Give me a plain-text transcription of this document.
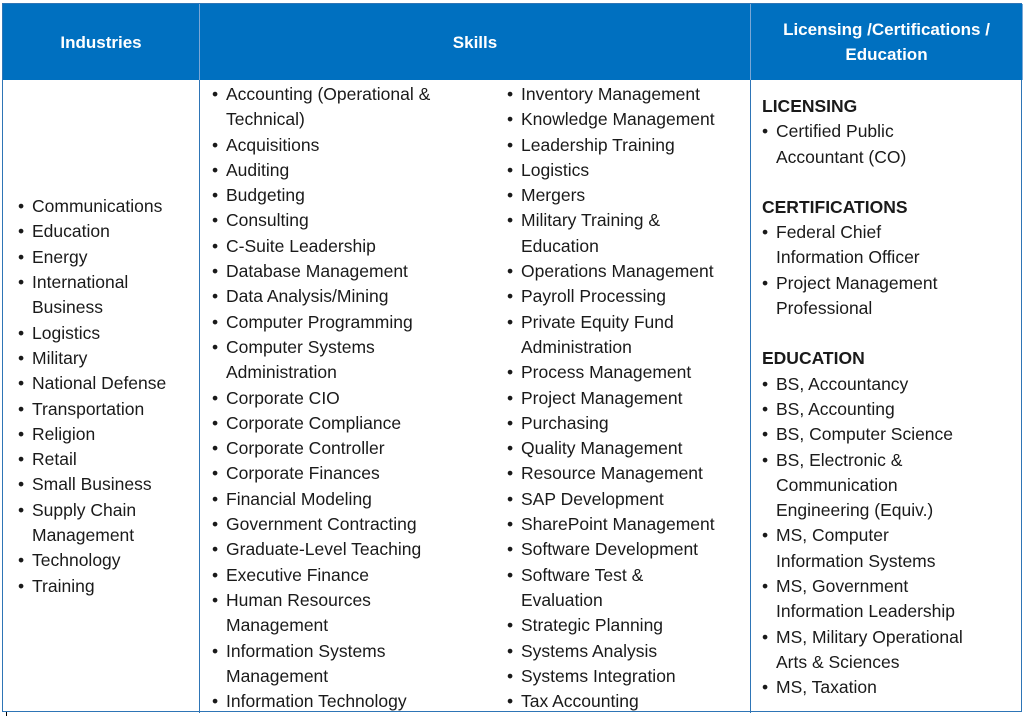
Industries	Skills
Licensing /Certifications /
Education
• Communications
• Education
• Energy
• International
Business
• Logistics
• Military
• National Defense
• Transportation
• Religion
• Retail
• Small Business
• Supply Chain
Management
• Technology
• Training
• Accounting (Operational &
Technical)
• Acquisitions
• Auditing
• Budgeting
• Consulting
• C-Suite Leadership
• Database Management
• Data Analysis/Mining
• Computer Programming
• Computer Systems
Administration
• Corporate CIO
• Corporate Compliance
• Corporate Controller
• Corporate Finances
• Financial Modeling
• Government Contracting
• Graduate-Level Teaching
• Executive Finance
• Human Resources
Management
• Information Systems
Management
• Information Technology
• Inventory Management
• Knowledge Management
• Leadership Training
• Logistics
• Mergers
• Military Training &
Education
• Operations Management
• Payroll Processing
• Private Equity Fund
Administration
• Process Management
• Project Management
• Purchasing
• Quality Management
• Resource Management
• SAP Development
• SharePoint Management
• Software Development
• Software Test &
Evaluation
• Strategic Planning
• Systems Analysis
• Systems Integration
• Tax Accounting
LICENSING
• Certified Public
Accountant (CO)
CERTIFICATIONS
• Federal Chief
Information Officer
• Project Management
Professional
EDUCATION
• BS, Accountancy
• BS, Accounting
• BS, Computer Science
• BS, Electronic &
Communication
Engineering (Equiv.)
• MS, Computer
Information Systems
• MS, Government
Information Leadership
• MS, Military Operational
Arts & Sciences
• MS, Taxation
